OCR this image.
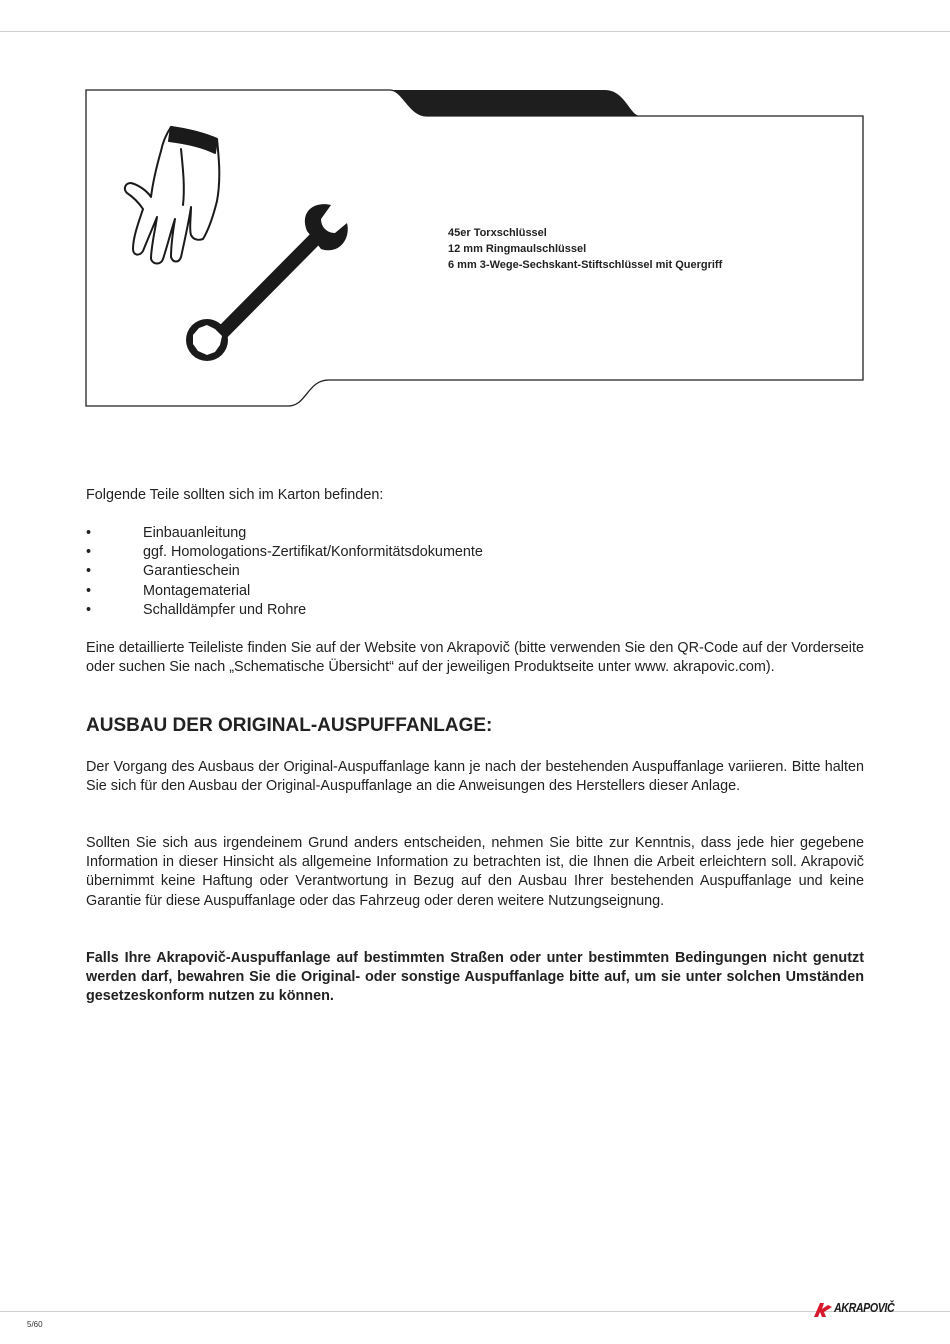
45er Torxschlüssel
12 mm Ringmaulschlüssel
6 mm 3-Wege-Sechskant-Stiftschlüssel mit Quergriff

Folgende Teile sollten sich im Karton befinden:

•	Einbauanleitung
•	ggf. Homologations-Zertifikat/Konformitätsdokumente
•	Garantieschein
•	Montagematerial
•	Schalldämpfer und Rohre

Eine detaillierte Teileliste finden Sie auf der Website von Akrapovič (bitte verwenden Sie den QR-Code auf der Vorderseite oder suchen Sie nach „Schematische Übersicht“ auf der jeweiligen Produktseite unter www. akrapovic.com).

AUSBAU DER ORIGINAL-AUSPUFFANLAGE:

Der Vorgang des Ausbaus der Original-Auspuffanlage kann je nach der bestehenden Auspuffanlage variieren. Bitte halten Sie sich für den Ausbau der Original-Auspuffanlage an die Anweisungen des Herstellers dieser Anlage.

Sollten Sie sich aus irgendeinem Grund anders entscheiden, nehmen Sie bitte zur Kenntnis, dass jede hier gegebene Information in dieser Hinsicht als allgemeine Information zu betrachten ist, die Ihnen die Arbeit erleichtern soll. Akrapovič übernimmt keine Haftung oder Verantwortung in Bezug auf den Ausbau Ihrer bestehenden Auspuffanlage und keine Garantie für diese Auspuffanlage oder das Fahrzeug oder deren weitere Nutzungseignung.

Falls Ihre Akrapovič-Auspuffanlage auf bestimmten Straßen oder unter bestimmten Bedingungen nicht genutzt werden darf, bewahren Sie die Original- oder sonstige Auspuffanlage bitte auf, um sie unter solchen Umständen gesetzeskonform nutzen zu können.

5/60
AKRAPOVIČ
